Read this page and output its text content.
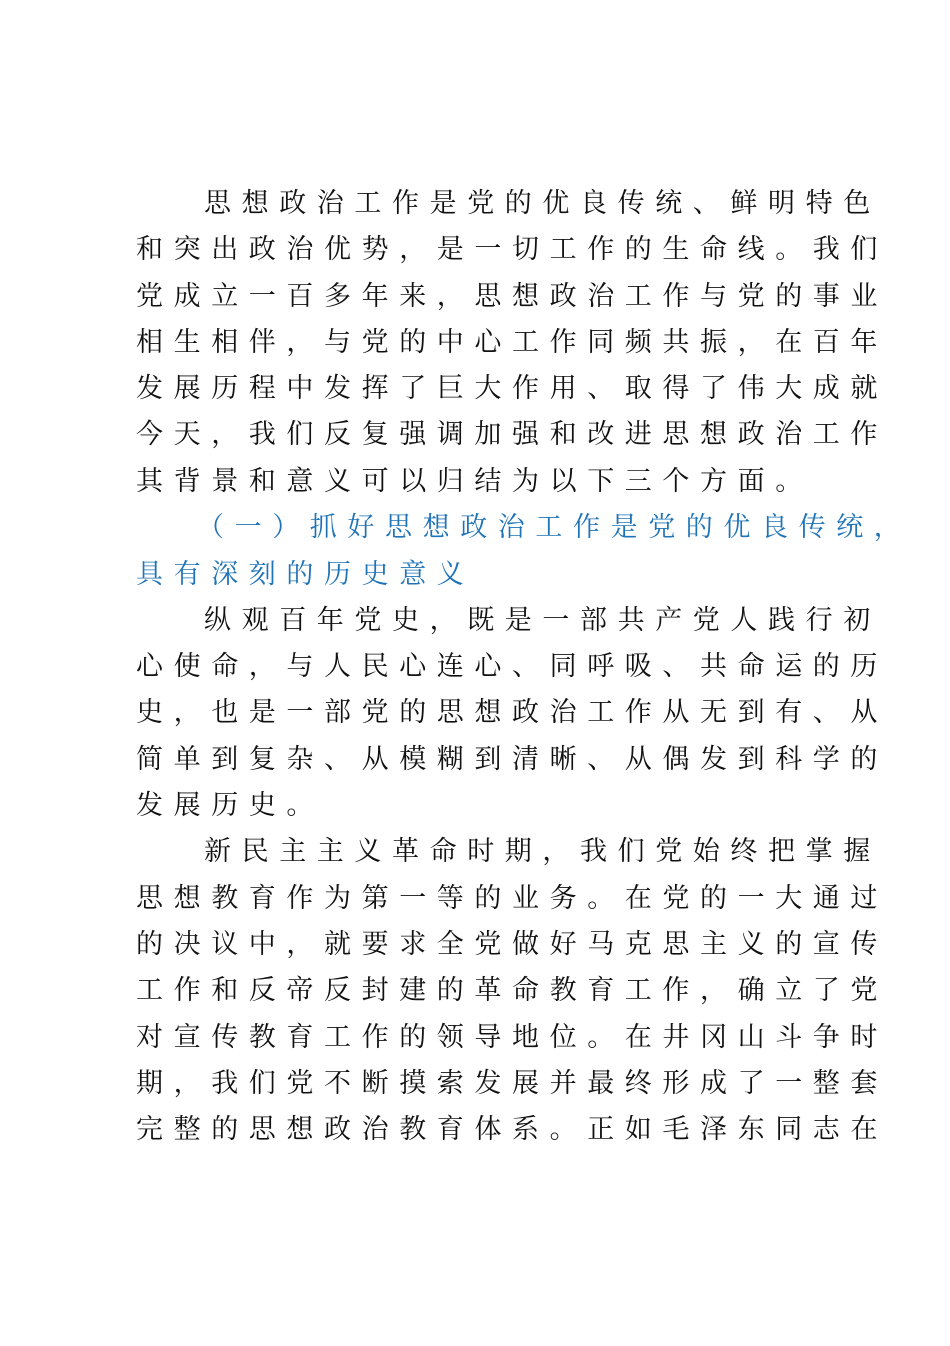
思想政治工作是党的优良传统、鲜明特色
和突出政治优势，是一切工作的生命线。我们
党成立一百多年来，思想政治工作与党的事业
相生相伴，与党的中心工作同频共振，在百年
发展历程中发挥了巨大作用、取得了伟大成就
今天，我们反复强调加强和改进思想政治工作
其背景和意义可以归结为以下三个方面。
（一）抓好思想政治工作是党的优良传统，
具有深刻的历史意义
纵观百年党史，既是一部共产党人践行初
心使命，与人民心连心、同呼吸、共命运的历
史，也是一部党的思想政治工作从无到有、从
简单到复杂、从模糊到清晰、从偶发到科学的
发展历史。
新民主主义革命时期，我们党始终把掌握
思想教育作为第一等的业务。在党的一大通过
的决议中，就要求全党做好马克思主义的宣传
工作和反帝反封建的革命教育工作，确立了党
对宣传教育工作的领导地位。在井冈山斗争时
期，我们党不断摸索发展并最终形成了一整套
完整的思想政治教育体系。正如毛泽东同志在
